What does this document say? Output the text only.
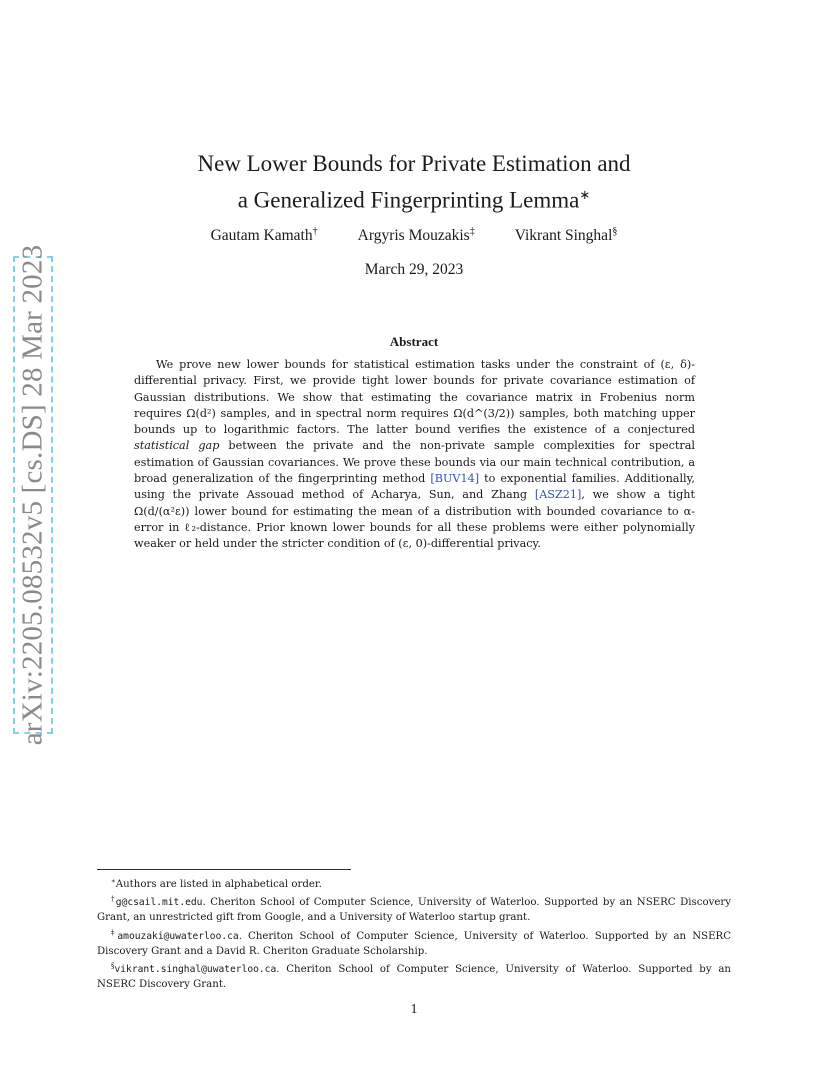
arXiv:2205.08532v5 [cs.DS] 28 Mar 2023
New Lower Bounds for Private Estimation and
a Generalized Fingerprinting Lemma∗
Gautam Kamath†	Argyris Mouzakis‡	Vikrant Singhal§
March 29, 2023
Abstract
We prove new lower bounds for statistical estimation tasks under the constraint of (ε, δ)-differential privacy. First, we provide tight lower bounds for private covariance estimation of Gaussian distributions. We show that estimating the covariance matrix in Frobenius norm requires Ω(d²) samples, and in spectral norm requires Ω(d^(3/2)) samples, both matching upper bounds up to logarithmic factors. The latter bound verifies the existence of a conjectured statistical gap between the private and the non-private sample complexities for spectral estimation of Gaussian covariances. We prove these bounds via our main technical contribution, a broad generalization of the fingerprinting method [BUV14] to exponential families. Additionally, using the private Assouad method of Acharya, Sun, and Zhang [ASZ21], we show a tight Ω(d/(α²ε)) lower bound for estimating the mean of a distribution with bounded covariance to α-error in ℓ₂-distance. Prior known lower bounds for all these problems were either polynomially weaker or held under the stricter condition of (ε, 0)-differential privacy.

∗Authors are listed in alphabetical order.

†g@csail.mit.edu. Cheriton School of Computer Science, University of Waterloo. Supported by an NSERC Discovery Grant, an unrestricted gift from Google, and a University of Waterloo startup grant.

‡amouzaki@uwaterloo.ca. Cheriton School of Computer Science, University of Waterloo. Supported by an NSERC Discovery Grant and a David R. Cheriton Graduate Scholarship.

§vikrant.singhal@uwaterloo.ca. Cheriton School of Computer Science, University of Waterloo. Supported by an NSERC Discovery Grant.

1
